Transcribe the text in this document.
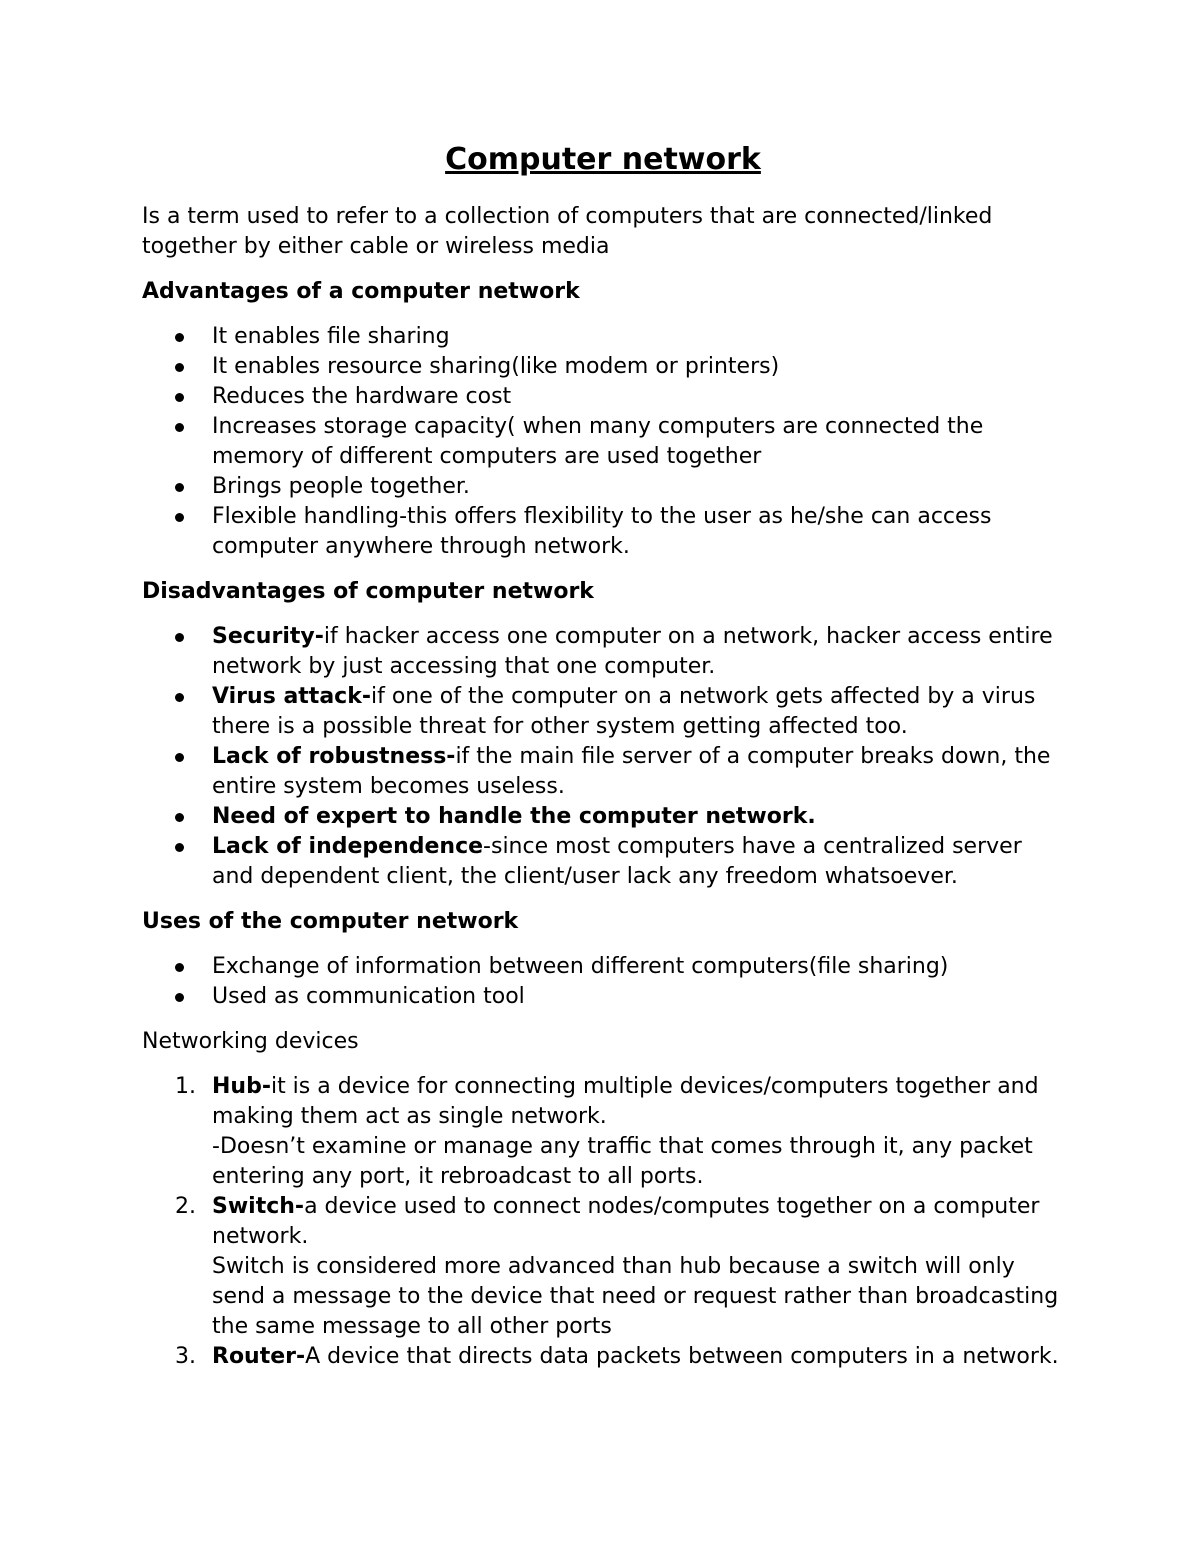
Computer network
Is a term used to refer to a collection of computers that are connected/linked together by either cable or wireless media
Advantages of a computer network
It enables file sharing
It enables resource sharing(like modem or printers)
Reduces the hardware cost
Increases storage capacity( when many computers are connected the memory of different computers are used together
Brings people together.
Flexible handling-this offers flexibility to the user as he/she can access computer anywhere through network.
Disadvantages of computer network
Security-if hacker access one computer on a network, hacker access entire network by just accessing that one computer.
Virus attack-if one of the computer on a network gets affected by a virus there is a possible threat for other system getting affected too.
Lack of robustness-if the main file server of a computer breaks down, the entire system becomes useless.
Need of expert to handle the computer network.
Lack of independence-since most computers have a centralized server and dependent client, the client/user lack any freedom whatsoever.
Uses of the computer network
Exchange of information between different computers(file sharing)
Used as communication tool
Networking devices
1. Hub-it is a device for connecting multiple devices/computers together and making them act as single network.
-Doesn’t examine or manage any traffic that comes through it, any packet entering any port, it rebroadcast to all ports.
2. Switch-a device used to connect nodes/computes together on a computer network.
Switch is considered more advanced than hub because a switch will only send a message to the device that need or request rather than broadcasting the same message to all other ports
3. Router-A device that directs data packets between computers in a network.
